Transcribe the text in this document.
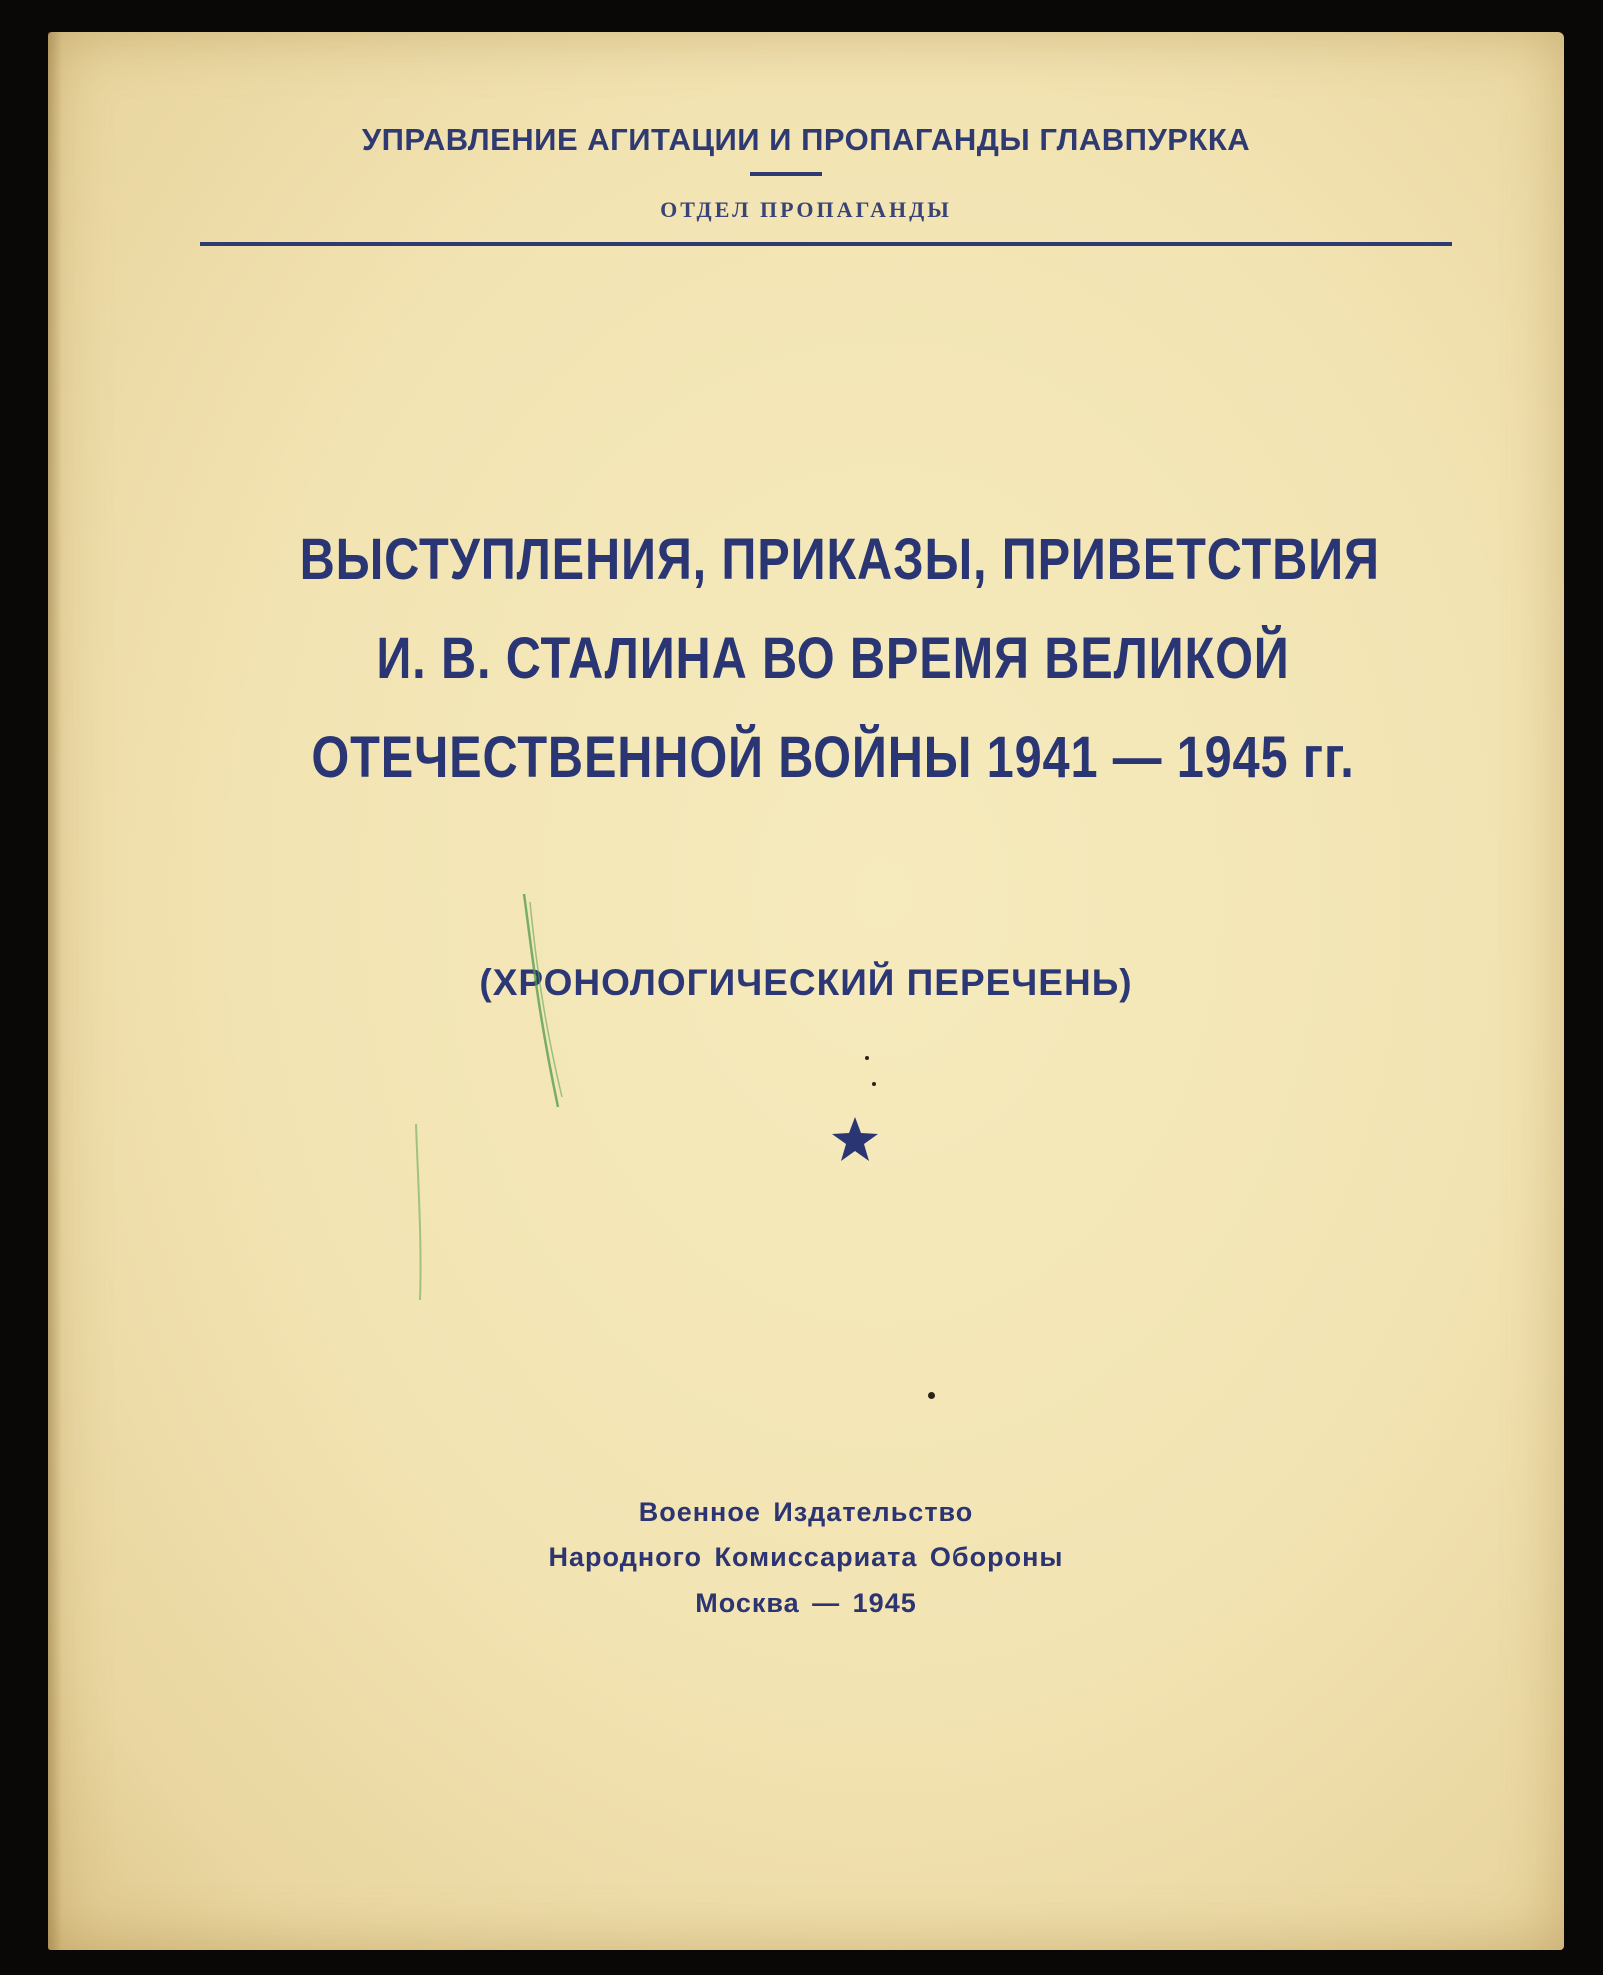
УПРАВЛЕНИЕ АГИТАЦИИ И ПРОПАГАНДЫ ГЛАВПУРККА
ОТДЕЛ ПРОПАГАНДЫ
ВЫСТУПЛЕНИЯ, ПРИКАЗЫ, ПРИВЕТСТВИЯ
И. В. СТАЛИНА ВО ВРЕМЯ ВЕЛИКОЙ
ОТЕЧЕСТВЕННОЙ ВОЙНЫ 1941 — 1945 гг.
(ХРОНОЛОГИЧЕСКИЙ ПЕРЕЧЕНЬ)
Военное Издательство
Народного Комиссариата Обороны
Москва — 1945
